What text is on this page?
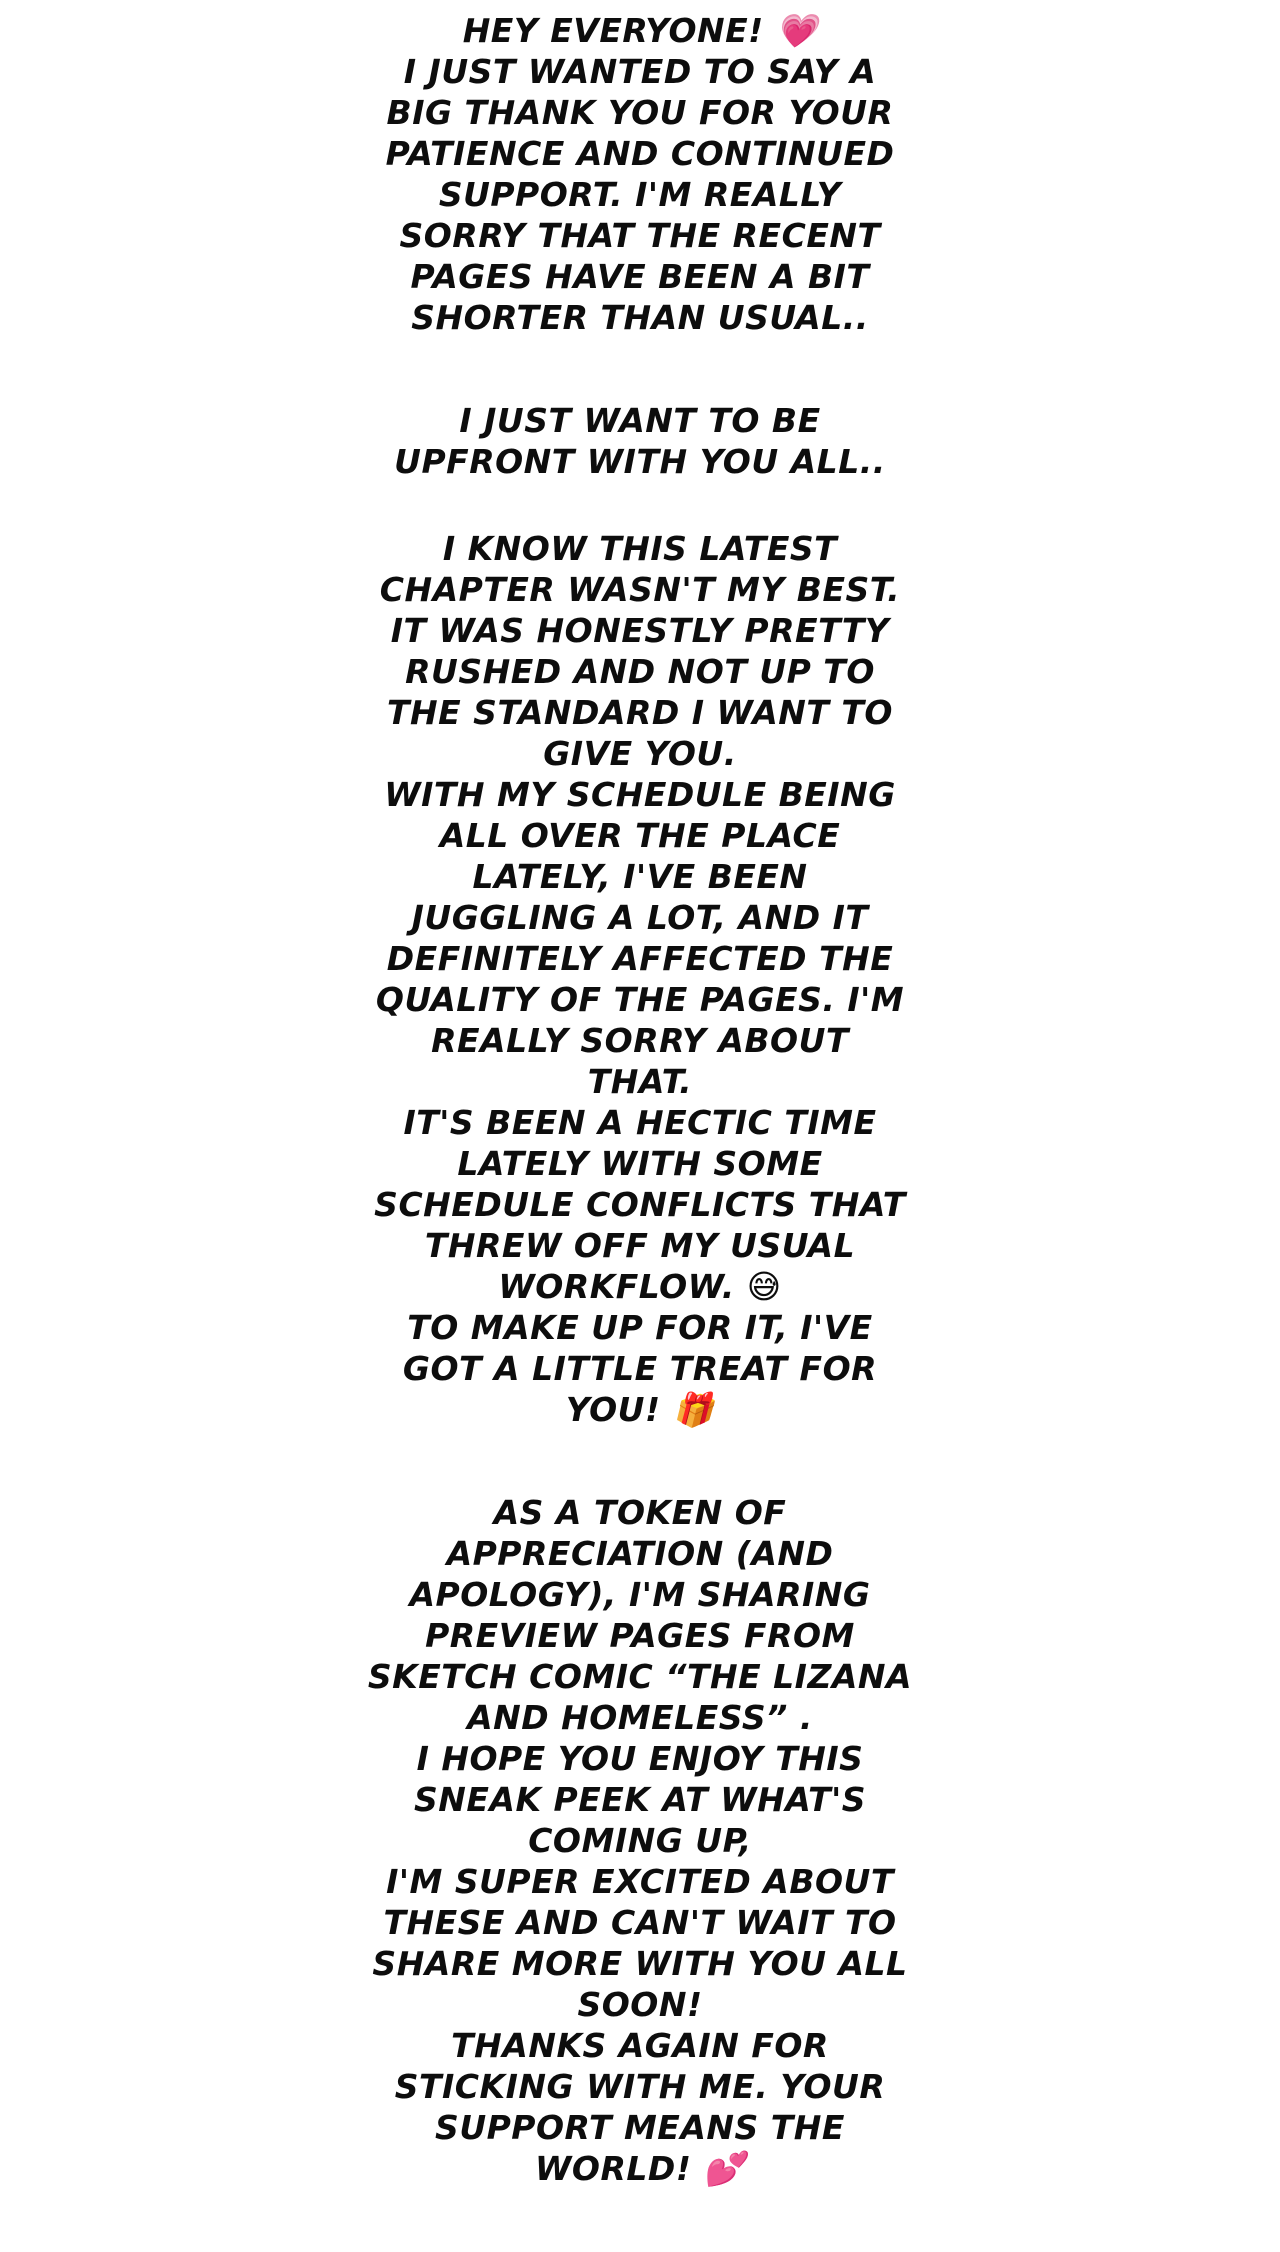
HEY EVERYONE! 💗
I JUST WANTED TO SAY A
BIG THANK YOU FOR YOUR
PATIENCE AND CONTINUED
SUPPORT. I'M REALLY
SORRY THAT THE RECENT
PAGES HAVE BEEN A BIT
SHORTER THAN USUAL..
I JUST WANT TO BE
UPFRONT WITH YOU ALL..
I KNOW THIS LATEST
CHAPTER WASN'T MY BEST.
IT WAS HONESTLY PRETTY
RUSHED AND NOT UP TO
THE STANDARD I WANT TO
GIVE YOU.
WITH MY SCHEDULE BEING
ALL OVER THE PLACE
LATELY, I'VE BEEN
JUGGLING A LOT, AND IT
DEFINITELY AFFECTED THE
QUALITY OF THE PAGES. I'M
REALLY SORRY ABOUT
THAT.
IT'S BEEN A HECTIC TIME
LATELY WITH SOME
SCHEDULE CONFLICTS THAT
THREW OFF MY USUAL
WORKFLOW. 😅
TO MAKE UP FOR IT, I'VE
GOT A LITTLE TREAT FOR
YOU! 🎁
AS A TOKEN OF
APPRECIATION (AND
APOLOGY), I'M SHARING
PREVIEW PAGES FROM
SKETCH COMIC “THE LIZANA
AND HOMELESS” .
I HOPE YOU ENJOY THIS
SNEAK PEEK AT WHAT'S
COMING UP,
I'M SUPER EXCITED ABOUT
THESE AND CAN'T WAIT TO
SHARE MORE WITH YOU ALL
SOON!
THANKS AGAIN FOR
STICKING WITH ME. YOUR
SUPPORT MEANS THE
WORLD! 💕
